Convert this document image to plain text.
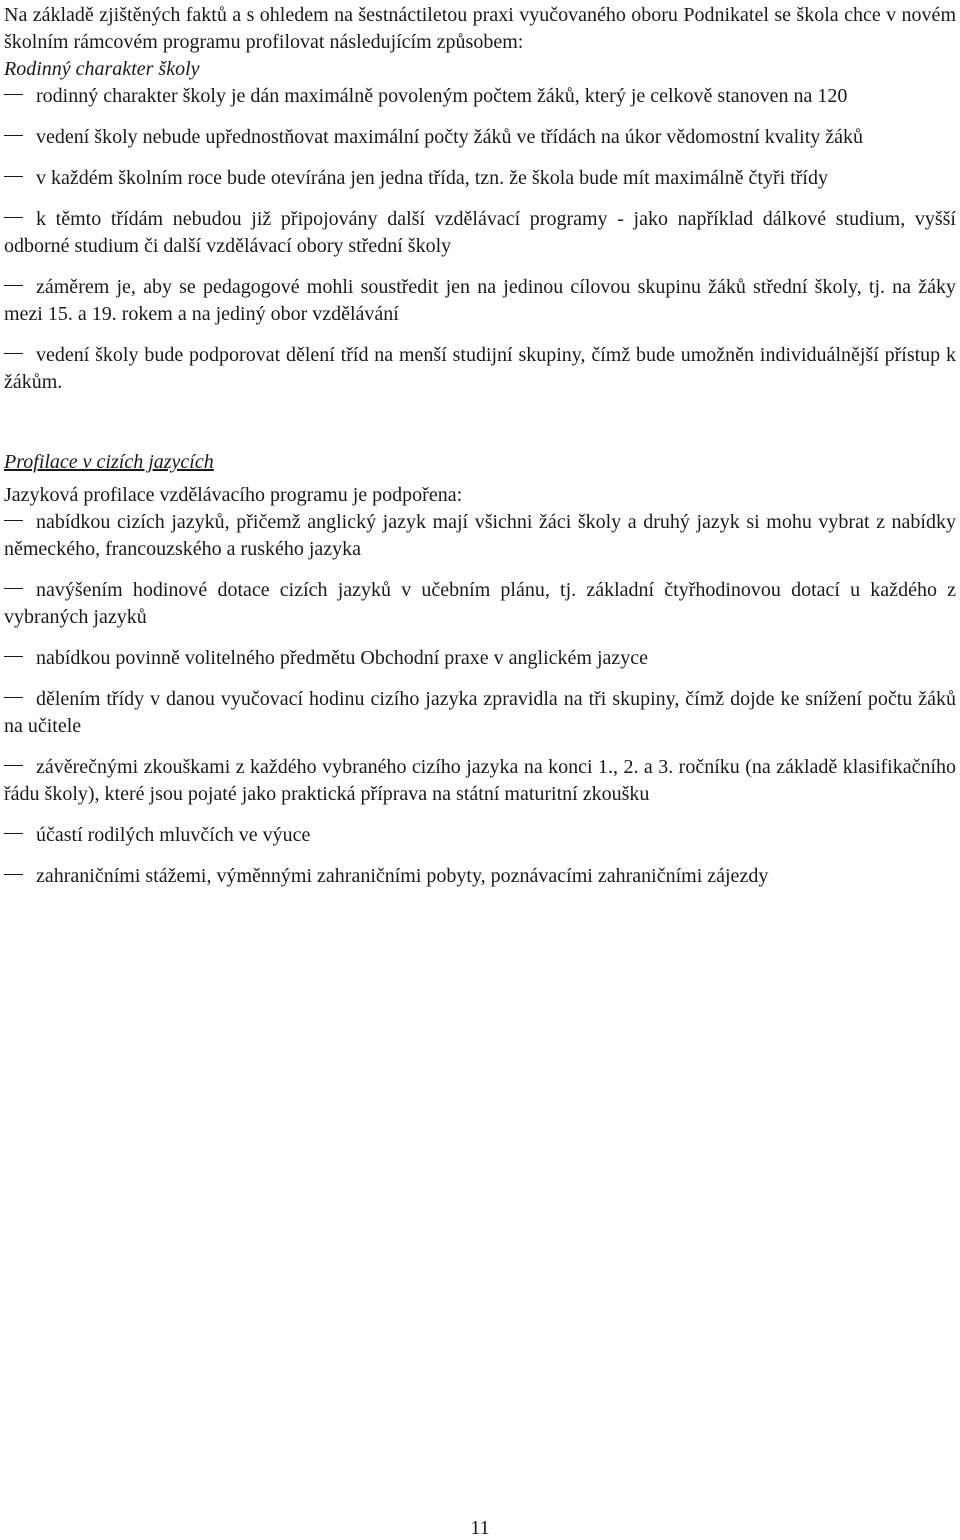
Na základě zjištěných faktů a s ohledem na šestnáctiletou praxi vyučovaného oboru Podnikatel se škola chce v novém školním rámcovém programu profilovat následujícím způsobem:

Rodinný charakter školy

rodinný charakter školy je dán maximálně povoleným počtem žáků, který je celkově stanoven na 120
vedení školy nebude upřednostňovat maximální počty žáků ve třídách na úkor vědomostní kvality žáků
v každém školním roce bude otevírána jen jedna třída, tzn. že škola bude mít maximálně čtyři třídy
k těmto třídám nebudou již připojovány další vzdělávací programy - jako například dálkové studium, vyšší odborné studium či další vzdělávací obory střední školy
záměrem je, aby se pedagogové mohli soustředit jen na jedinou cílovou skupinu žáků střední školy, tj. na žáky mezi 15. a 19. rokem a na jediný obor vzdělávání
vedení školy bude podporovat dělení tříd na menší studijní skupiny, čímž bude umožněn individuálnější přístup k žákům.

Profilace v cizích jazycích

Jazyková profilace vzdělávacího programu je podpořena:

nabídkou cizích jazyků, přičemž anglický jazyk mají všichni žáci školy a druhý jazyk si mohu vybrat z nabídky německého, francouzského a ruského jazyka
navýšením hodinové dotace cizích jazyků v učebním plánu, tj. základní čtyřhodinovou dotací u každého z vybraných jazyků
nabídkou povinně volitelného předmětu Obchodní praxe v anglickém jazyce
dělením třídy v danou vyučovací hodinu cizího jazyka zpravidla na tři skupiny, čímž dojde ke snížení počtu žáků na učitele
závěrečnými zkouškami z každého vybraného cizího jazyka na konci 1., 2. a 3. ročníku (na základě klasifikačního řádu školy), které jsou pojaté jako praktická příprava na státní maturitní zkoušku
účastí rodilých mluvčích ve výuce
zahraničními stážemi, výměnnými zahraničními pobyty, poznávacími zahraničními zájezdy
11
